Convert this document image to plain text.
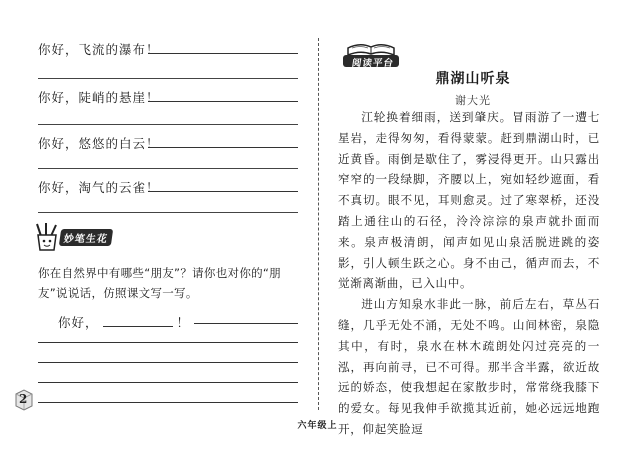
你好，飞流的瀑布！
你好，陡峭的悬崖！
你好，悠悠的白云！
你好，淘气的云雀！
妙笔生花
你在自然界中有哪些“朋友”？请你也对你的“朋友”说说话，仿照课文写一写。
你好，	！
2
阅读平台
鼎湖山听泉
谢大光

江轮换着细雨，送到肇庆。冒雨游了一遭七星岩，走得匆匆，看得蒙蒙。赶到鼎湖山时，已近黄昏。雨倒是歇住了，雾浸得更开。山只露出窄窄的一段绿脚，齐腰以上，宛如轻纱遮面，看不真切。眼不见，耳则愈灵。过了寒翠桥，还没踏上通往山的石径，泠泠淙淙的泉声就扑面而来。泉声极清朗，闻声如见山泉活脱进跳的姿影，引人顿生跃之心。身不由己，循声而去，不觉渐离渐曲，已入山中。

进山方知泉水非此一脉，前后左右，草丛石缝，几乎无处不涌，无处不鸣。山间林密，泉隐其中，有时，泉水在林木疏朗处闪过亮亮的一泓，再向前寻，已不可得。那半含半露，欲近故远的娇态，使我想起在家散步时，常常绕我膝下的爱女。每见我伸手欲揽其近前，她必远远地跑开，仰起笑脸逗

六年级上
